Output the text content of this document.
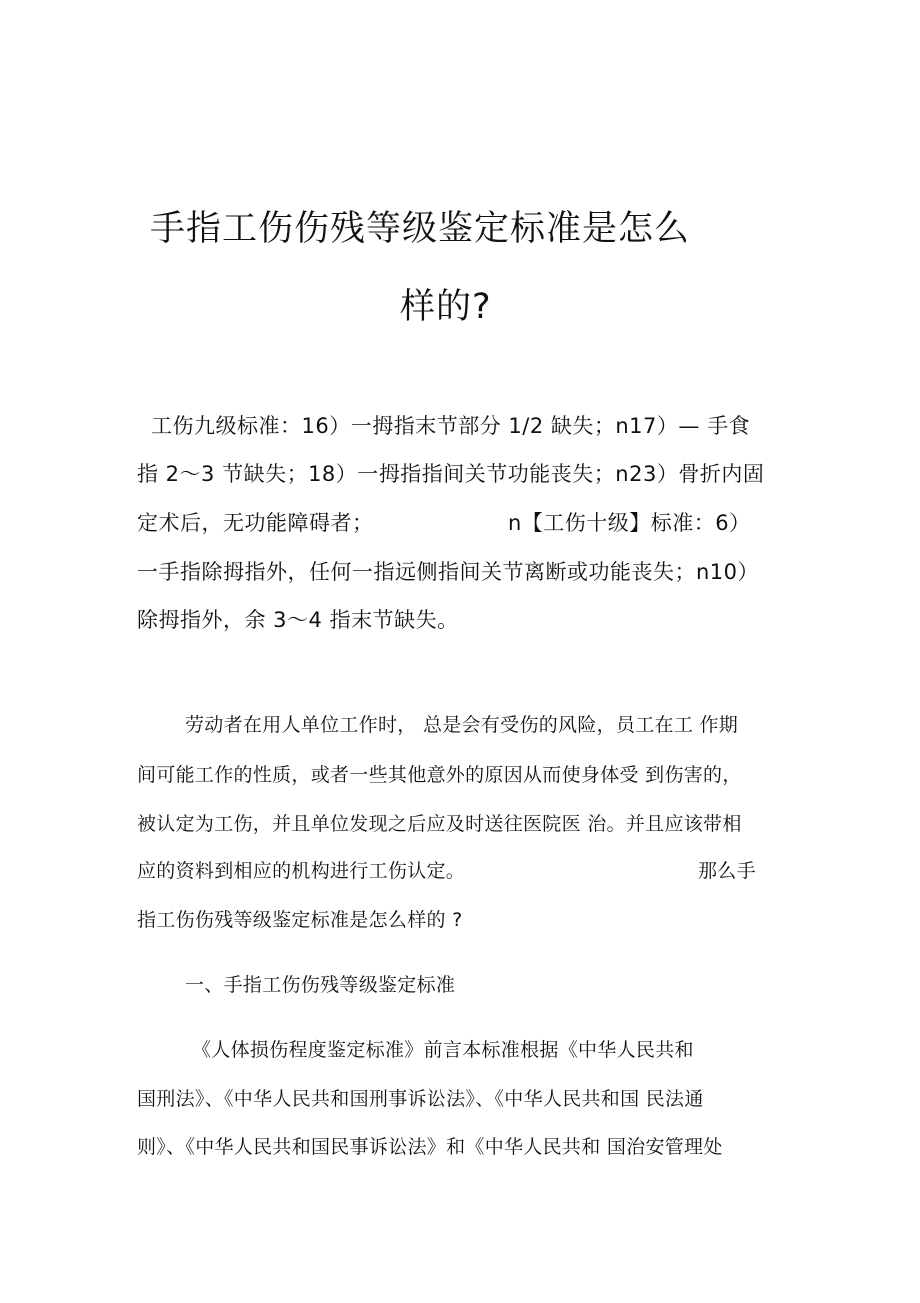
手指工伤伤残等级鉴定标准是怎么
样的?
工伤九级标准：16）一拇指末节部分 1/2 缺失；n17）— 手食
指 2～3 节缺失；18）一拇指指间关节功能丧失；n23）骨折内固
定术后，无功能障碍者；	n【工伤十级】标准：6）
一手指除拇指外，任何一指远侧指间关节离断或功能丧失；n10）
除拇指外，余 3～4 指末节缺失。
劳动者在用人单位工作时， 总是会有受伤的风险，员工在工 作期
间可能工作的性质，或者一些其他意外的原因从而使身体受 到伤害的，
被认定为工伤，并且单位发现之后应及时送往医院医 治。并且应该带相
应的资料到相应的机构进行工伤认定。	那么手
指工伤伤残等级鉴定标准是怎么样的 ?
一、手指工伤伤残等级鉴定标准
《人体损伤程度鉴定标准》前言本标准根据《中华人民共和
国刑法》、《中华人民共和国刑事诉讼法》、《中华人民共和国 民法通
则》、《中华人民共和国民事诉讼法》和《中华人民共和 国治安管理处
